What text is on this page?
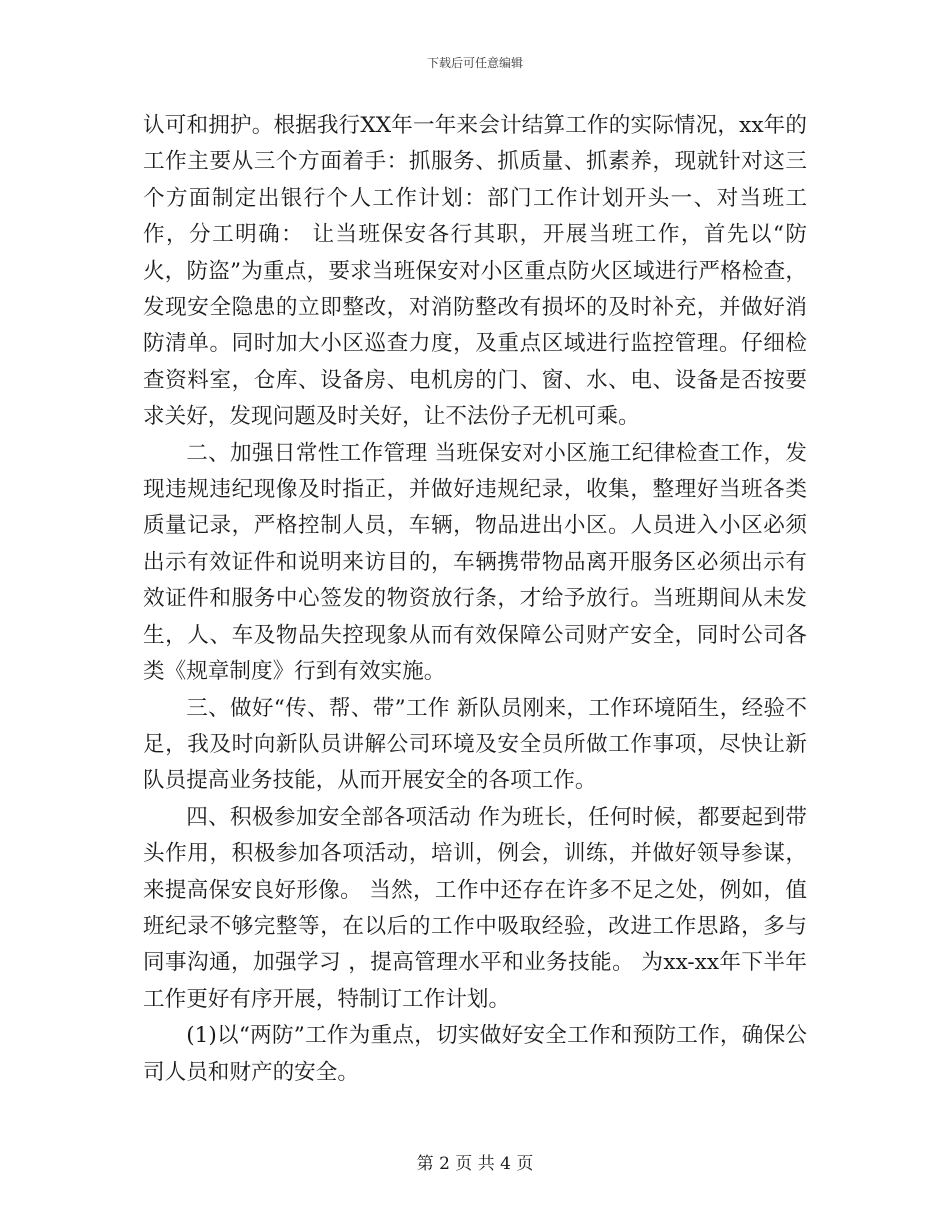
下载后可任意编辑

认可和拥护。根据我行XX年一年来会计结算工作的实际情况，xx年的工作主要从三个方面着手：抓服务、抓质量、抓素养，现就针对这三个方面制定出银行个人工作计划：部门工作计划开头一、对当班工作，分工明确： 让当班保安各行其职，开展当班工作，首先以“防火，防盗”为重点，要求当班保安对小区重点防火区域进行严格检查，发现安全隐患的立即整改，对消防整改有损坏的及时补充，并做好消防清单。同时加大小区巡查力度，及重点区域进行监控管理。仔细检查资料室，仓库、设备房、电机房的门、窗、水、电、设备是否按要求关好，发现问题及时关好，让不法份子无机可乘。

二、加强日常性工作管理 当班保安对小区施工纪律检查工作，发现违规违纪现像及时指正，并做好违规纪录，收集，整理好当班各类质量记录，严格控制人员，车辆，物品进出小区。人员进入小区必须出示有效证件和说明来访目的，车辆携带物品离开服务区必须出示有效证件和服务中心签发的物资放行条，才给予放行。当班期间从未发生，人、车及物品失控现象从而有效保障公司财产安全，同时公司各类《规章制度》行到有效实施。

三、做好“传、帮、带”工作 新队员刚来，工作环境陌生，经验不足，我及时向新队员讲解公司环境及安全员所做工作事项，尽快让新队员提高业务技能，从而开展安全的各项工作。

四、积极参加安全部各项活动 作为班长，任何时候，都要起到带头作用，积极参加各项活动，培训，例会，训练，并做好领导参谋，来提高保安良好形像。 当然，工作中还存在许多不足之处，例如，值班纪录不够完整等，在以后的工作中吸取经验，改进工作思路，多与同事沟通，加强学习 ，提高管理水平和业务技能。 为xx-xx年下半年工作更好有序开展，特制订工作计划。

(1)以“两防”工作为重点，切实做好安全工作和预防工作，确保公司人员和财产的安全。

第 2 页 共 4 页
